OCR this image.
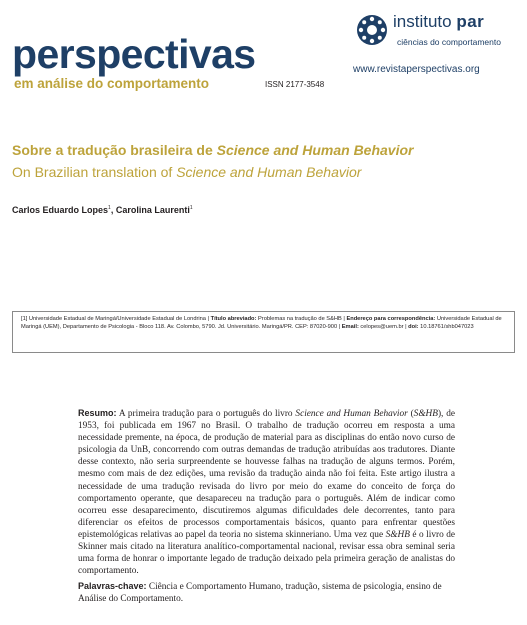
perspectivas
em análise do comportamento	ISSN 2177-3548
instituto par
ciências do comportamento
www.revistaperspectivas.org
Sobre a tradução brasileira de Science and Human Behavior
On Brazilian translation of Science and Human Behavior
Carlos Eduardo Lopes$^1$, Carolina Laurenti$^1$
[1] Universidade Estadual de Maringá/Universidade Estadual de Londrina | Título abreviado: Problemas na tradução de S&HB | Endereço para correspondência: Universidade Estadual de Maringá (UEM), Departamento de Psicologia - Bloco 118. Av. Colombo, 5790. Jd. Universitário. Maringá/PR. CEP: 87020-900 | Email: celopes@uem.br | doi: 10.18761/shb047023
Resumo: A primeira tradução para o português do livro Science and Human Behavior (S&HB), de 1953, foi publicada em 1967 no Brasil. O trabalho de tradução ocorreu em resposta a uma necessidade premente, na época, de produção de material para as disciplinas do então novo curso de psicologia da UnB, concorrendo com outras demandas de tradução atribuídas aos tradutores. Diante desse contexto, não seria surpreendente se houvesse falhas na tradução de alguns termos. Porém, mesmo com mais de dez edições, uma revisão da tradução ainda não foi feita. Este artigo ilustra a necessidade de uma tradução revisada do livro por meio do exame do conceito de força do comportamento operante, que desapareceu na tradução para o português. Além de indicar como ocorreu esse desaparecimento, discutiremos algumas dificuldades dele decorrentes, tanto para diferenciar os efeitos de processos comportamentais básicos, quanto para enfrentar questões epistemológicas relativas ao papel da teoria no sistema skinneriano. Uma vez que S&HB é o livro de Skinner mais citado na literatura analítico-comportamental nacional, revisar essa obra seminal seria uma forma de honrar o importante legado de tradução deixado pela primeira geração de analistas do comportamento.
Palavras-chave: Ciência e Comportamento Humano, tradução, sistema de psicologia, ensino de Análise do Comportamento.
